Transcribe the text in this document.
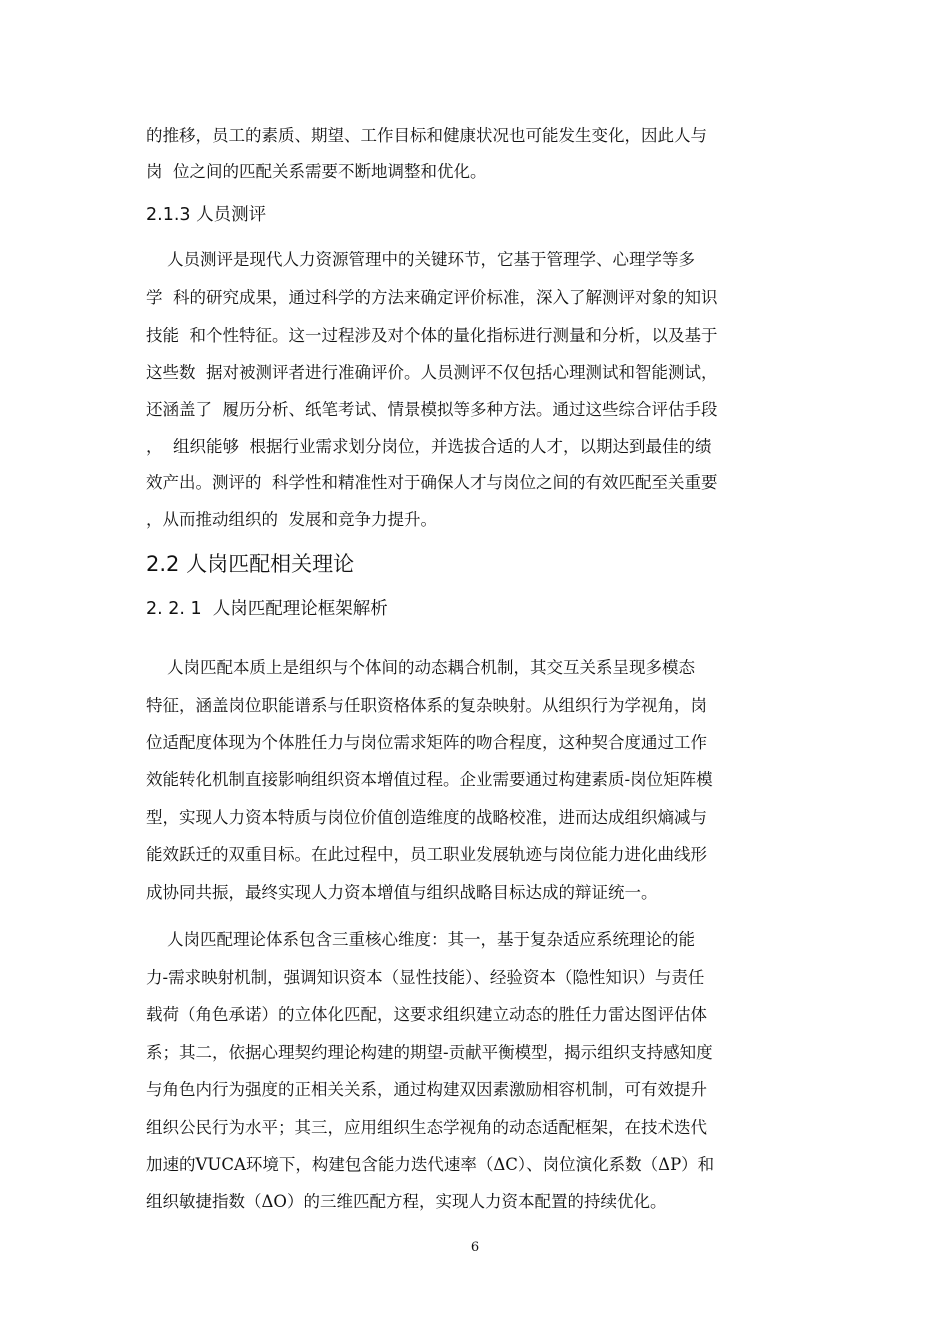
的推移，员工的素质、期望、工作目标和健康状况也可能发生变化，因此人与
岗  位之间的匹配关系需要不断地调整和优化。
2.1.3 人员测评
人员测评是现代人力资源管理中的关键环节，它基于管理学、心理学等多
学  科的研究成果，通过科学的方法来确定评价标准，深入了解测评对象的知识
技能  和个性特征。这一过程涉及对个体的量化指标进行测量和分析，以及基于
这些数  据对被测评者进行准确评价。人员测评不仅包括心理测试和智能测试，
还涵盖了  履历分析、纸笔考试、情景模拟等多种方法。通过这些综合评估手段
，  组织能够  根据行业需求划分岗位，并选拔合适的人才，以期达到最佳的绩
效产出。测评的  科学性和精准性对于确保人才与岗位之间的有效匹配至关重要
，从而推动组织的  发展和竞争力提升。
2.2 人岗匹配相关理论
2. 2. 1  人岗匹配理论框架解析
人岗匹配本质上是组织与个体间的动态耦合机制，其交互关系呈现多模态
特征，涵盖岗位职能谱系与任职资格体系的复杂映射。从组织行为学视角，岗
位适配度体现为个体胜任力与岗位需求矩阵的吻合程度，这种契合度通过工作
效能转化机制直接影响组织资本增值过程。企业需要通过构建素质-岗位矩阵模
型，实现人力资本特质与岗位价值创造维度的战略校准，进而达成组织熵减与
能效跃迁的双重目标。在此过程中，员工职业发展轨迹与岗位能力进化曲线形
成协同共振，最终实现人力资本增值与组织战略目标达成的辩证统一。
人岗匹配理论体系包含三重核心维度：其一，基于复杂适应系统理论的能
力-需求映射机制，强调知识资本（显性技能）、经验资本（隐性知识）与责任
载荷（角色承诺）的立体化匹配，这要求组织建立动态的胜任力雷达图评估体
系；其二，依据心理契约理论构建的期望-贡献平衡模型，揭示组织支持感知度
与角色内行为强度的正相关关系，通过构建双因素激励相容机制，可有效提升
组织公民行为水平；其三，应用组织生态学视角的动态适配框架，在技术迭代
加速的VUCA环境下，构建包含能力迭代速率（ΔC）、岗位演化系数（ΔP）和
组织敏捷指数（ΔO）的三维匹配方程，实现人力资本配置的持续优化。
6
